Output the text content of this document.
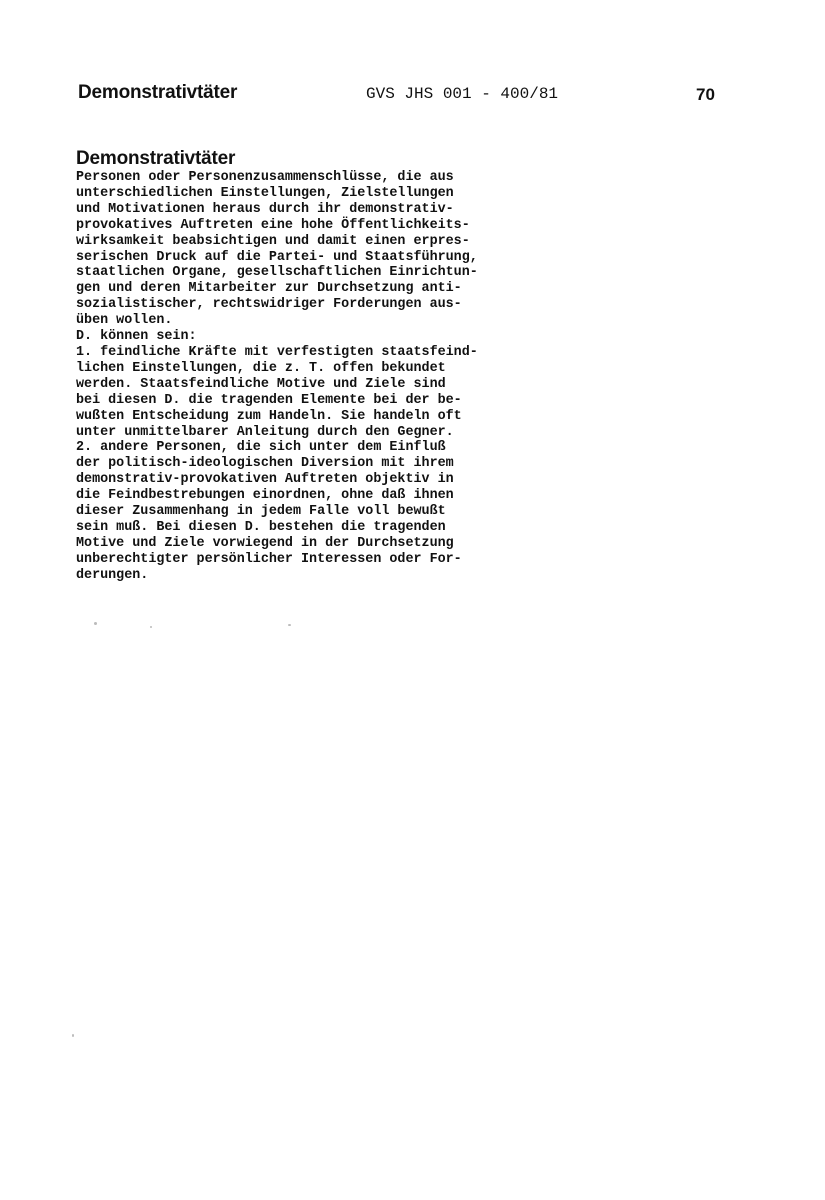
Demonstrativtäter	GVS JHS 001 - 400/81	70
Demonstrativtäter
Personen oder Personenzusammenschlüsse, die aus
unterschiedlichen Einstellungen, Zielstellungen
und Motivationen heraus durch ihr demonstrativ-
provokatives Auftreten eine hohe Öffentlichkeits-
wirksamkeit beabsichtigen und damit einen erpres-
serischen Druck auf die Partei- und Staatsführung,
staatlichen Organe, gesellschaftlichen Einrichtun-
gen und deren Mitarbeiter zur Durchsetzung anti-
sozialistischer, rechtswidriger Forderungen aus-
üben wollen.
D. können sein:
1. feindliche Kräfte mit verfestigten staatsfeind-
lichen Einstellungen, die z. T. offen bekundet
werden. Staatsfeindliche Motive und Ziele sind
bei diesen D. die tragenden Elemente bei der be-
wußten Entscheidung zum Handeln. Sie handeln oft
unter unmittelbarer Anleitung durch den Gegner.
2. andere Personen, die sich unter dem Einfluß
der politisch-ideologischen Diversion mit ihrem
demonstrativ-provokativen Auftreten objektiv in
die Feindbestrebungen einordnen, ohne daß ihnen
dieser Zusammenhang in jedem Falle voll bewußt
sein muß. Bei diesen D. bestehen die tragenden
Motive und Ziele vorwiegend in der Durchsetzung
unberechtigter persönlicher Interessen oder For-
derungen.
